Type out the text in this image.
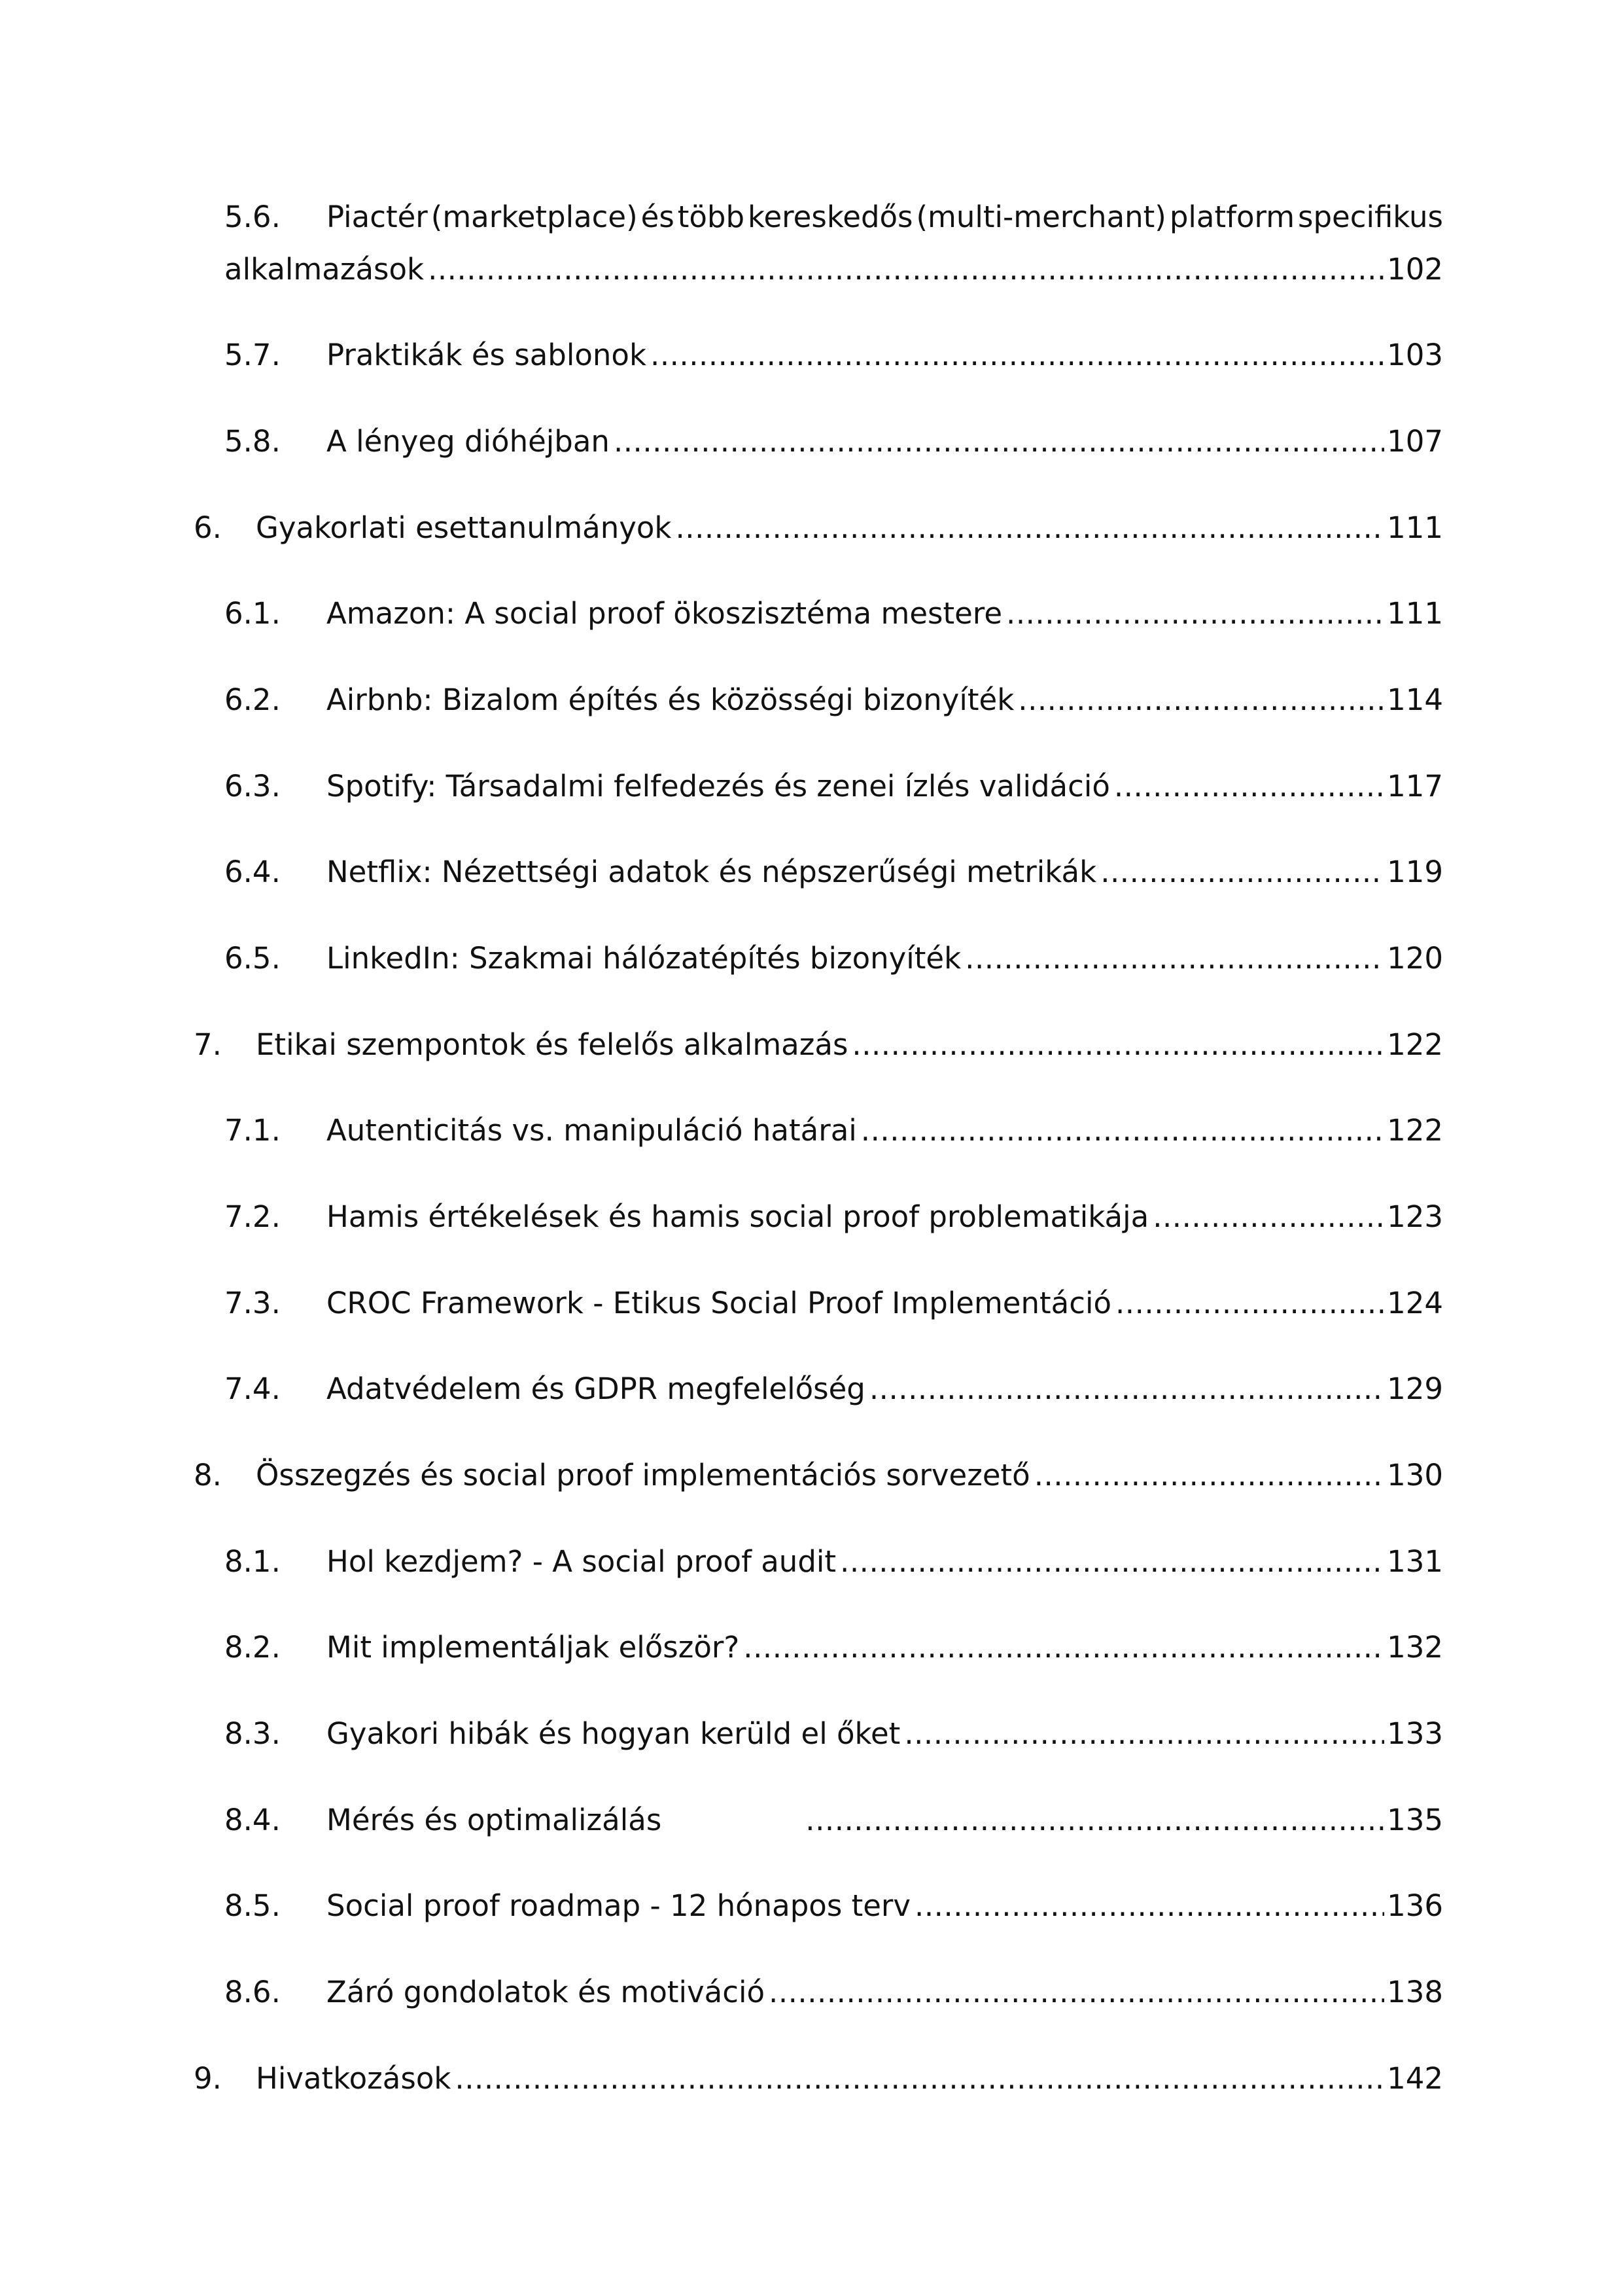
5.6.	Piactér (marketplace) és több kereskedős (multi-merchant) platform specifikus
alkalmazások .....	102
5.7.	Praktikák és sablonok .....	103
5.8.	A lényeg dióhéjban .....	107
6.	Gyakorlati esettanulmányok .....	111
6.1.	Amazon: A social proof ökoszisztéma mestere .....	111
6.2.	Airbnb: Bizalom építés és közösségi bizonyíték .....	114
6.3.	Spotify: Társadalmi felfedezés és zenei ízlés validáció .....	117
6.4.	Netflix: Nézettségi adatok és népszerűségi metrikák .....	119
6.5.	LinkedIn: Szakmai hálózatépítés bizonyíték .....	120
7.	Etikai szempontok és felelős alkalmazás .....	122
7.1.	Autenticitás vs. manipuláció határai .....	122
7.2.	Hamis értékelések és hamis social proof problematikája .....	123
7.3.	CROC Framework - Etikus Social Proof Implementáció .....	124
7.4.	Adatvédelem és GDPR megfelelőség .....	129
8.	Összegzés és social proof implementációs sorvezető .....	130
8.1.	Hol kezdjem? - A social proof audit .....	131
8.2.	Mit implementáljak először? .....	132
8.3.	Gyakori hibák és hogyan kerüld el őket .....	133
8.4.	Mérés és optimalizálás .....	135
8.5.	Social proof roadmap - 12 hónapos terv .....	136
8.6.	Záró gondolatok és motiváció .....	138
9.	Hivatkozások .....	142
